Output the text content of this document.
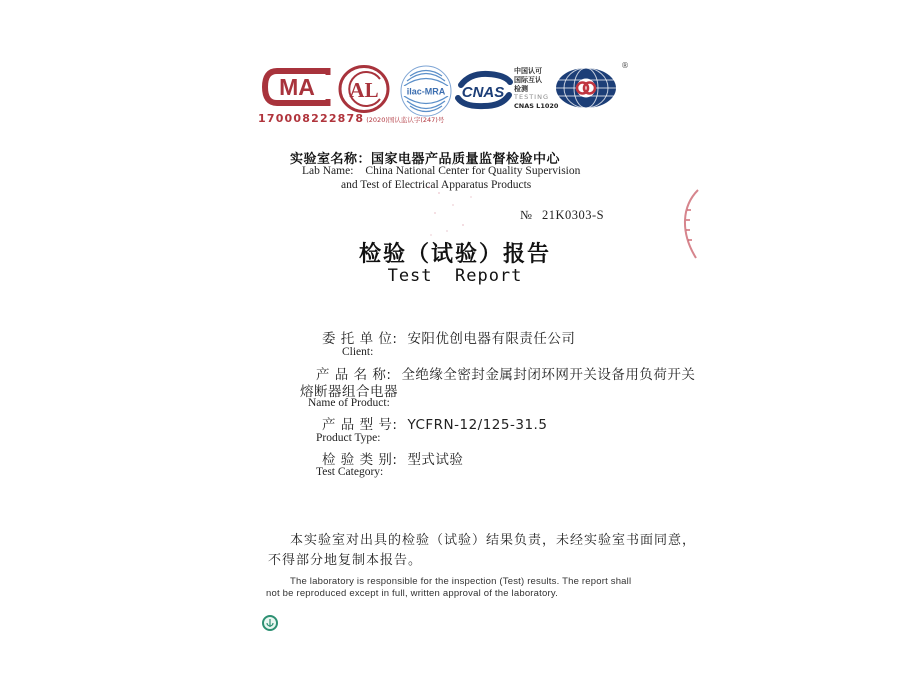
MA
170008222878 (2020)国认监认字(247)号
AL	ilac-MRA CNAS
中国认可
国际互认
检测
TESTING
CNAS L1020
®
实验室名称：国家电器产品质量监督检验中心
Lab Name: China National Center for Quality Supervision
and Test of Electrical Apparatus Products
№ 21K0303-S
检验（试验）报告
Test  Report
委 托 单 位: 安阳优创电器有限责任公司
Client:
产 品 名 称: 全绝缘全密封金属封闭环网开关设备用负荷开关
熔断器组合电器
Name of Product:
产 品 型 号: YCFRN-12/125-31.5
Product Type:
检 验 类 别: 型式试验
Test Category:
本实验室对出具的检验（试验）结果负责，未经实验室书面同意，
不得部分地复制本报告。
The laboratory is responsible for the inspection (Test) results. The report shall
not be reproduced except in full, written approval of the laboratory.
